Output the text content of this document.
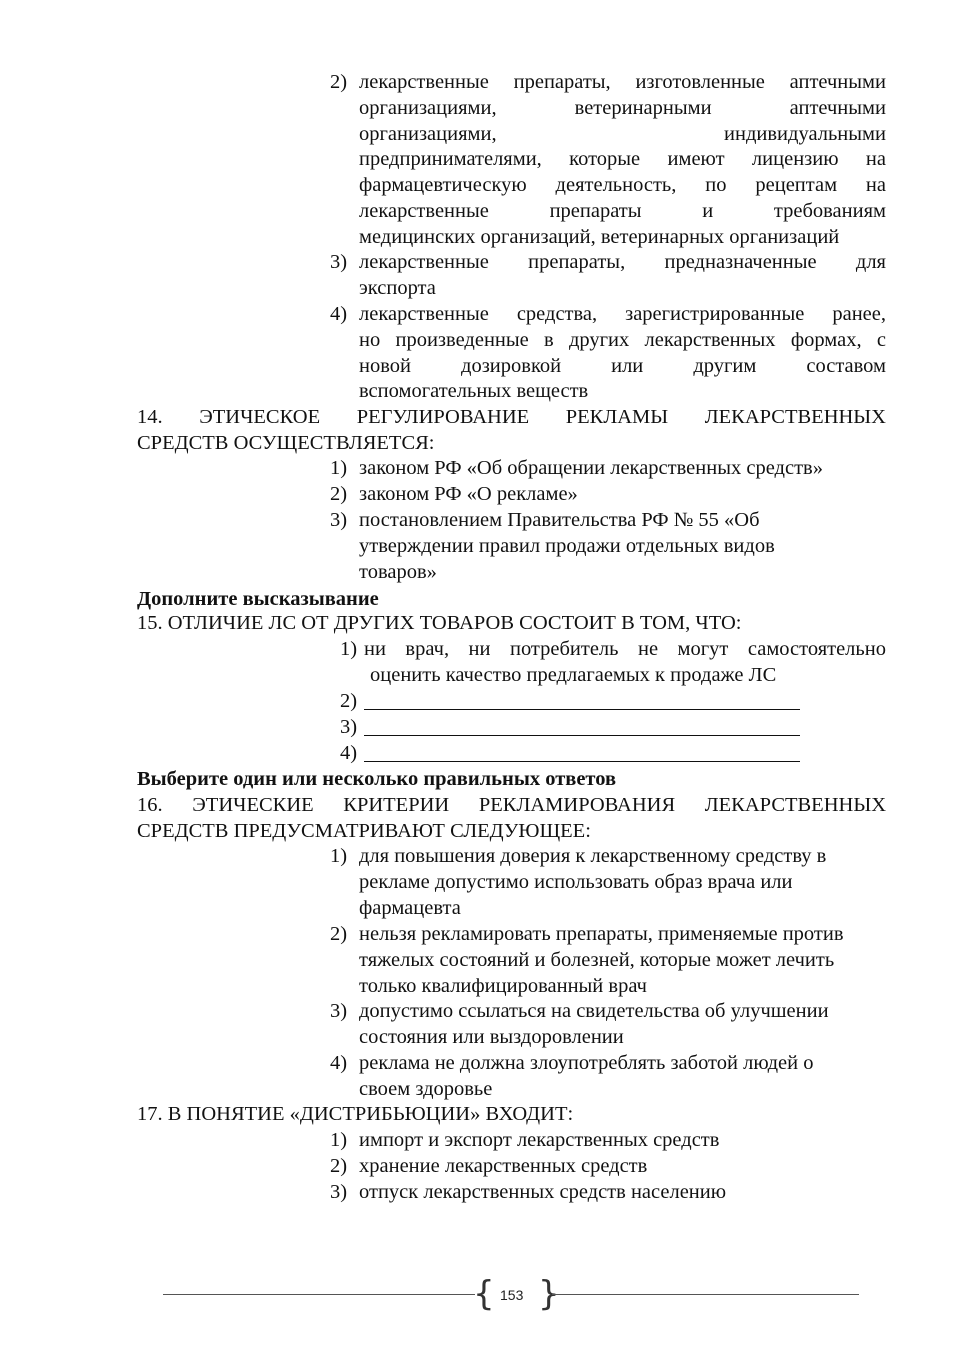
2) лекарственные препараты, изготовленные аптечными
организациями, ветеринарными аптечными
организациями, индивидуальными
предпринимателями, которые имеют лицензию на
фармацевтическую деятельность, по рецептам на
лекарственные препараты и требованиям
медицинских организаций, ветеринарных организаций
3) лекарственные препараты, предназначенные для
экспорта
4) лекарственные средства, зарегистрированные ранее,
но произведенные в других лекарственных формах, с
новой дозировкой или другим составом
вспомогательных веществ
14. ЭТИЧЕСКОЕ РЕГУЛИРОВАНИЕ РЕКЛАМЫ ЛЕКАРСТВЕННЫХ
СРЕДСТВ ОСУЩЕСТВЛЯЕТСЯ:
1) законом РФ «Об обращении лекарственных средств»
2) законом РФ «О рекламе»
3) постановлением Правительства РФ № 55 «Об утверждении правил продажи отдельных видов товаров»
Дополните высказывание
15. ОТЛИЧИЕ ЛС ОТ ДРУГИХ ТОВАРОВ СОСТОИТ В ТОМ, ЧТО:
1) ни врач, ни потребитель не могут самостоятельно
оценить качество предлагаемых к продаже ЛС
2)
3)
4)
Выберите один или несколько правильных ответов
16. ЭТИЧЕСКИЕ КРИТЕРИИ РЕКЛАМИРОВАНИЯ ЛЕКАРСТВЕННЫХ
СРЕДСТВ ПРЕДУСМАТРИВАЮТ СЛЕДУЮЩЕЕ:
1) для повышения доверия к лекарственному средству в рекламе допустимо использовать образ врача или фармацевта
2) нельзя рекламировать препараты, применяемые против тяжелых состояний и болезней, которые может лечить только квалифицированный врач
3) допустимо ссылаться на свидетельства об улучшении состояния или выздоровлении
4) реклама не должна злоупотреблять заботой людей о своем здоровье
17. В ПОНЯТИЕ «ДИСТРИБЬЮЦИИ» ВХОДИТ:
1) импорт и экспорт лекарственных средств
2) хранение лекарственных средств
3) отпуск лекарственных средств населению
{ 153 }
